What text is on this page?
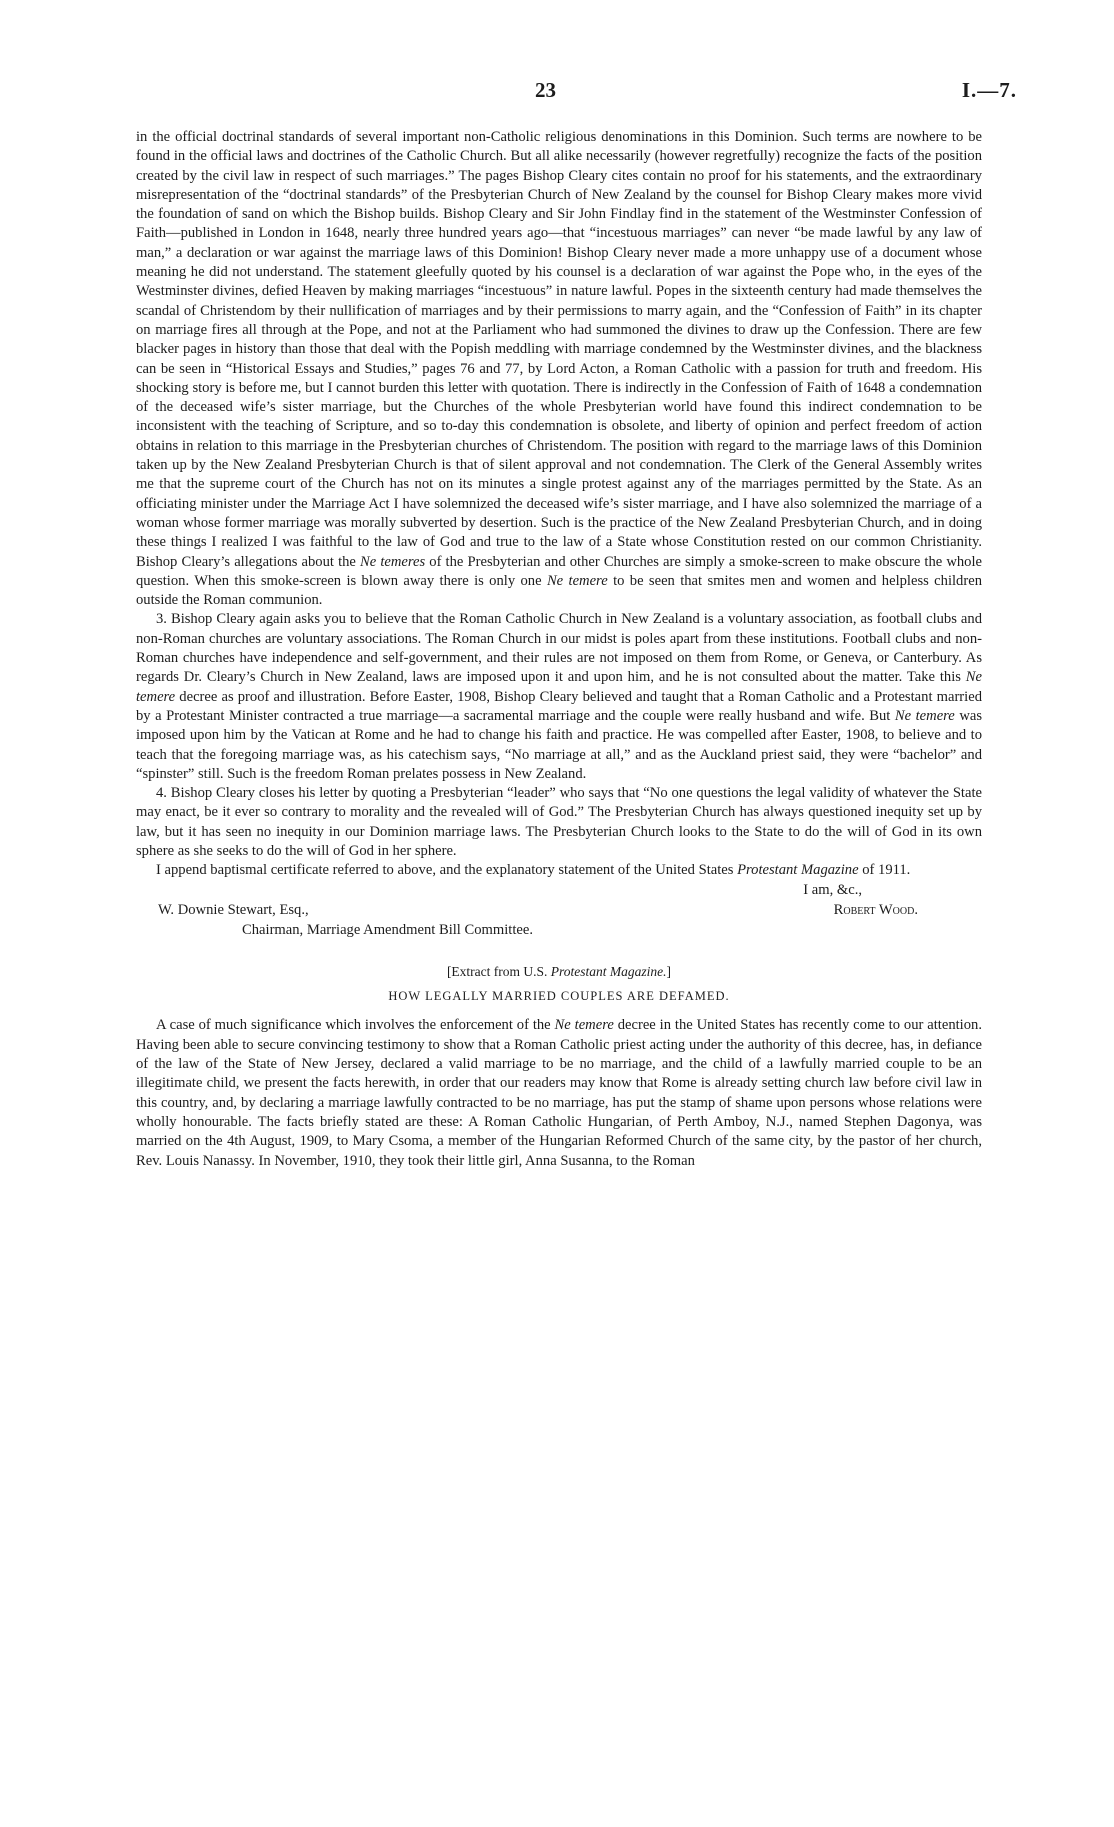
23	I.—7.

in the official doctrinal standards of several important non-Catholic religious denominations in this Dominion. Such terms are nowhere to be found in the official laws and doctrines of the Catholic Church. But all alike necessarily (however regretfully) recognize the facts of the position created by the civil law in respect of such marriages.” The pages Bishop Cleary cites contain no proof for his statements, and the extraordinary misrepresentation of the “doctrinal standards” of the Presbyterian Church of New Zealand by the counsel for Bishop Cleary makes more vivid the foundation of sand on which the Bishop builds. Bishop Cleary and Sir John Findlay find in the statement of the Westminster Confession of Faith—published in London in 1648, nearly three hundred years ago—that “incestuous marriages” can never “be made lawful by any law of man,” a declaration or war against the marriage laws of this Dominion! Bishop Cleary never made a more unhappy use of a document whose meaning he did not understand. The statement gleefully quoted by his counsel is a declaration of war against the Pope who, in the eyes of the Westminster divines, defied Heaven by making marriages “incestuous” in nature lawful. Popes in the sixteenth century had made themselves the scandal of Christendom by their nullification of marriages and by their permissions to marry again, and the “Confession of Faith” in its chapter on marriage fires all through at the Pope, and not at the Parliament who had summoned the divines to draw up the Confession. There are few blacker pages in history than those that deal with the Popish meddling with marriage condemned by the Westminster divines, and the blackness can be seen in “Historical Essays and Studies,” pages 76 and 77, by Lord Acton, a Roman Catholic with a passion for truth and freedom. His shocking story is before me, but I cannot burden this letter with quotation. There is indirectly in the Confession of Faith of 1648 a condemnation of the deceased wife’s sister marriage, but the Churches of the whole Presbyterian world have found this indirect condemnation to be inconsistent with the teaching of Scripture, and so to-day this condemnation is obsolete, and liberty of opinion and perfect freedom of action obtains in relation to this marriage in the Presbyterian churches of Christendom. The position with regard to the marriage laws of this Dominion taken up by the New Zealand Presbyterian Church is that of silent approval and not condemnation. The Clerk of the General Assembly writes me that the supreme court of the Church has not on its minutes a single protest against any of the marriages permitted by the State. As an officiating minister under the Marriage Act I have solemnized the deceased wife’s sister marriage, and I have also solemnized the marriage of a woman whose former marriage was morally subverted by desertion. Such is the practice of the New Zealand Presbyterian Church, and in doing these things I realized I was faithful to the law of God and true to the law of a State whose Constitution rested on our common Christianity. Bishop Cleary’s allegations about the Ne temeres of the Presbyterian and other Churches are simply a smoke-screen to make obscure the whole question. When this smoke-screen is blown away there is only one Ne temere to be seen that smites men and women and helpless children outside the Roman communion.

3. Bishop Cleary again asks you to believe that the Roman Catholic Church in New Zealand is a voluntary association, as football clubs and non-Roman churches are voluntary associations. The Roman Church in our midst is poles apart from these institutions. Football clubs and non-Roman churches have independence and self-government, and their rules are not imposed on them from Rome, or Geneva, or Canterbury. As regards Dr. Cleary’s Church in New Zealand, laws are imposed upon it and upon him, and he is not consulted about the matter. Take this Ne temere decree as proof and illustration. Before Easter, 1908, Bishop Cleary believed and taught that a Roman Catholic and a Protestant married by a Protestant Minister contracted a true marriage—a sacramental marriage and the couple were really husband and wife. But Ne temere was imposed upon him by the Vatican at Rome and he had to change his faith and practice. He was compelled after Easter, 1908, to believe and to teach that the foregoing marriage was, as his catechism says, “No marriage at all,” and as the Auckland priest said, they were “bachelor” and “spinster” still. Such is the freedom Roman prelates possess in New Zealand.

4. Bishop Cleary closes his letter by quoting a Presbyterian “leader” who says that “No one questions the legal validity of whatever the State may enact, be it ever so contrary to morality and the revealed will of God.” The Presbyterian Church has always questioned inequity set up by law, but it has seen no inequity in our Dominion marriage laws. The Presbyterian Church looks to the State to do the will of God in its own sphere as she seeks to do the will of God in her sphere.

I append baptismal certificate referred to above, and the explanatory statement of the United States Protestant Magazine of 1911.

I am, &c.,
W. Downie Stewart, Esq.,	Robert Wood.
Chairman, Marriage Amendment Bill Committee.
[Extract from U.S. Protestant Magazine.]
HOW LEGALLY MARRIED COUPLES ARE DEFAMED.

A case of much significance which involves the enforcement of the Ne temere decree in the United States has recently come to our attention. Having been able to secure convincing testimony to show that a Roman Catholic priest acting under the authority of this decree, has, in defiance of the law of the State of New Jersey, declared a valid marriage to be no marriage, and the child of a lawfully married couple to be an illegitimate child, we present the facts herewith, in order that our readers may know that Rome is already setting church law before civil law in this country, and, by declaring a marriage lawfully contracted to be no marriage, has put the stamp of shame upon persons whose relations were wholly honourable. The facts briefly stated are these: A Roman Catholic Hungarian, of Perth Amboy, N.J., named Stephen Dagonya, was married on the 4th August, 1909, to Mary Csoma, a member of the Hungarian Reformed Church of the same city, by the pastor of her church, Rev. Louis Nanassy. In November, 1910, they took their little girl, Anna Susanna, to the Roman
